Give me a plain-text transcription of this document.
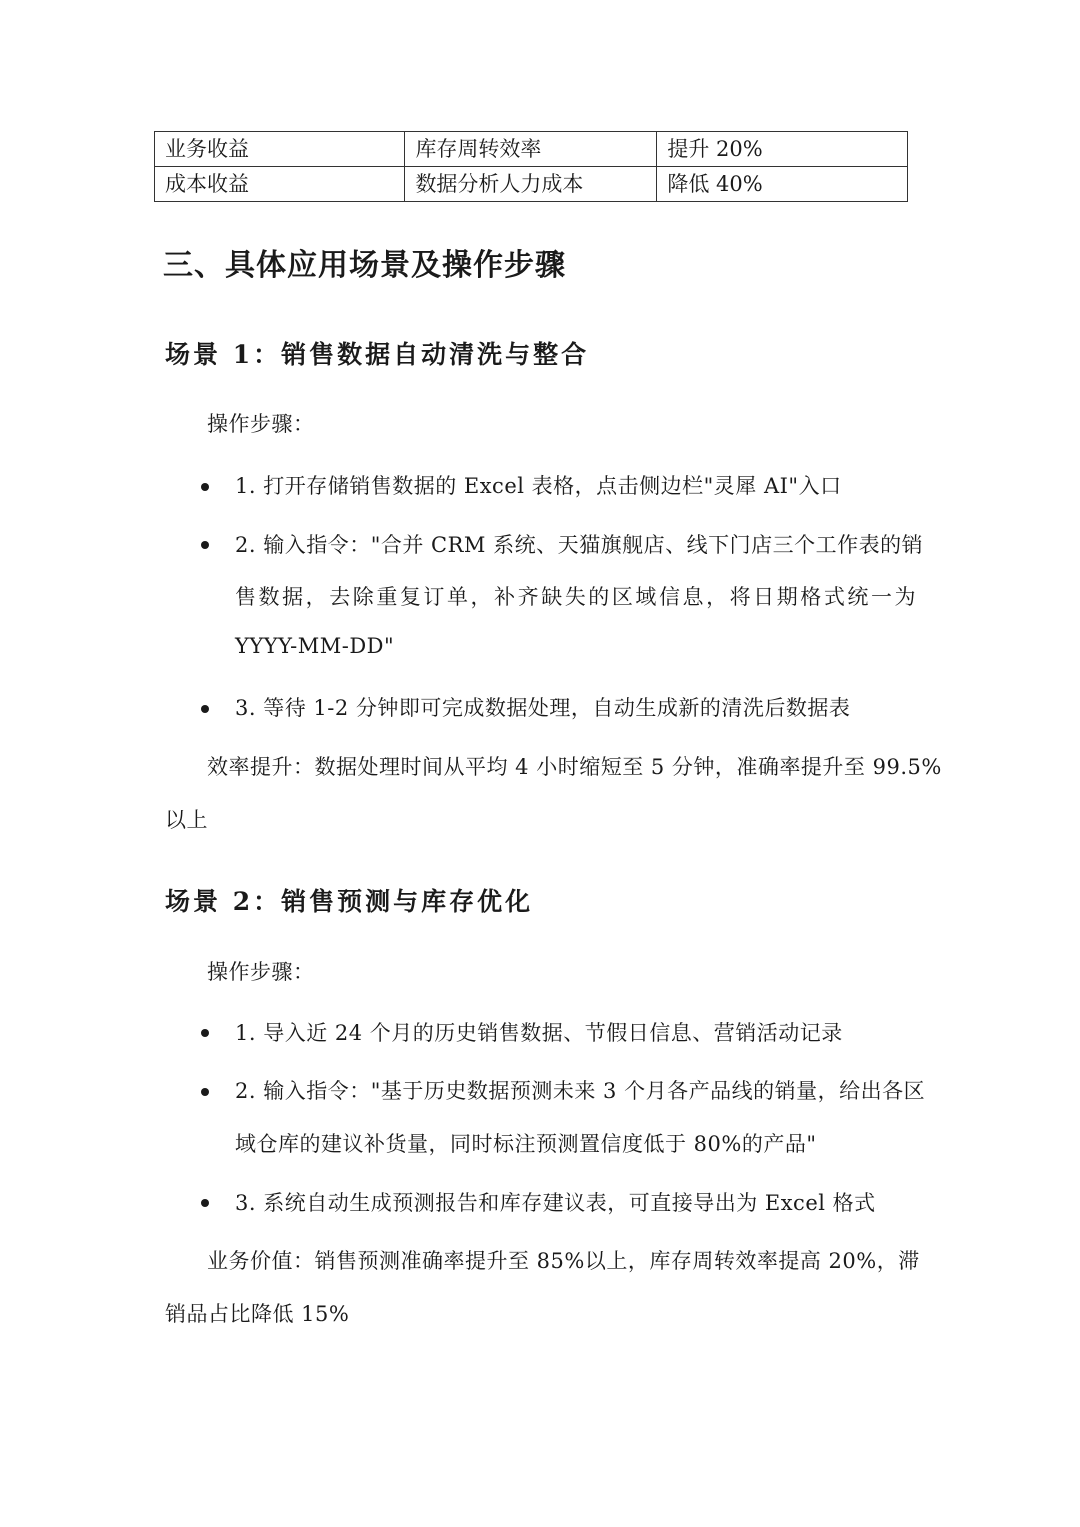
业务收益	库存周转效率	提升 20%
成本收益	数据分析人力成本	降低 40%
三、具体应用场景及操作步骤
场景 1：销售数据自动清洗与整合
操作步骤：
1. 打开存储销售数据的 Excel 表格，点击侧边栏"灵犀 AI"入口
2. 输入指令："合并 CRM 系统、天猫旗舰店、线下门店三个工作表的销
售数据，去除重复订单，补齐缺失的区域信息，将日期格式统一为
YYYY-MM-DD"
3. 等待 1-2 分钟即可完成数据处理，自动生成新的清洗后数据表
效率提升：数据处理时间从平均 4 小时缩短至 5 分钟，准确率提升至 99.5%
以上
场景 2：销售预测与库存优化
操作步骤：
1. 导入近 24 个月的历史销售数据、节假日信息、营销活动记录
2. 输入指令："基于历史数据预测未来 3 个月各产品线的销量，给出各区
域仓库的建议补货量，同时标注预测置信度低于 80%的产品"
3. 系统自动生成预测报告和库存建议表，可直接导出为 Excel 格式
业务价值：销售预测准确率提升至 85%以上，库存周转效率提高 20%，滞
销品占比降低 15%
